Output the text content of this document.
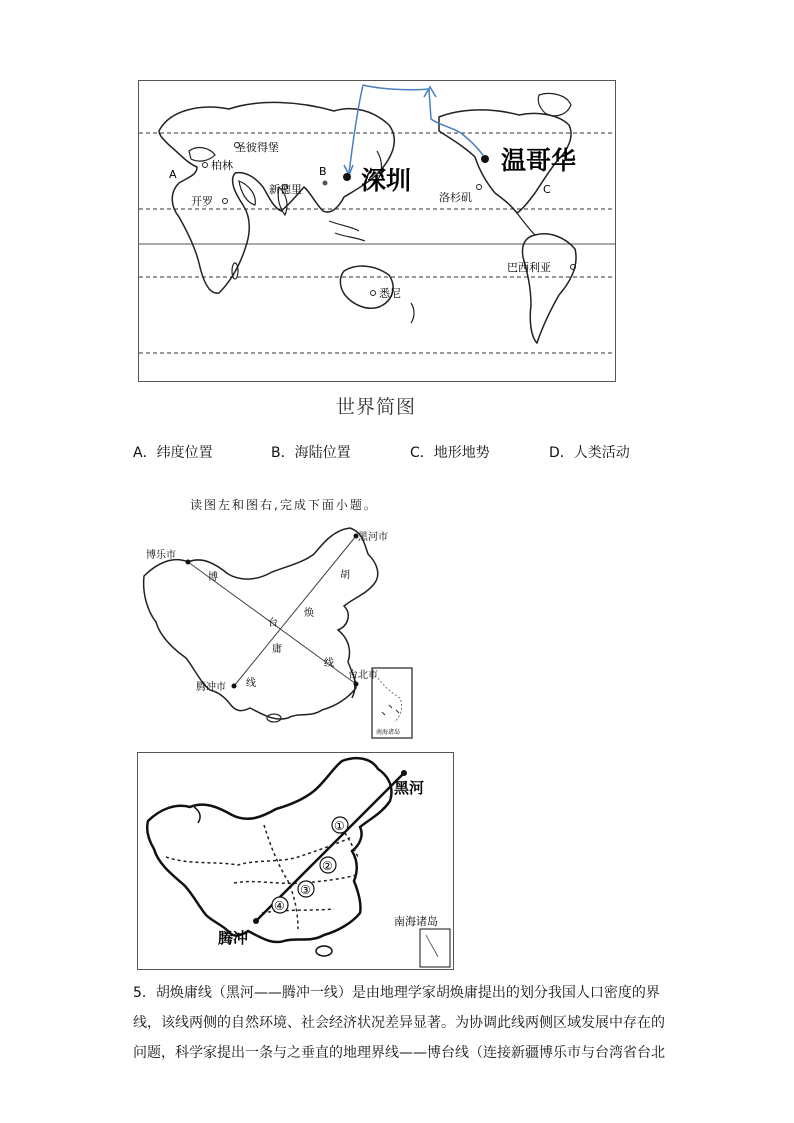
圣彼得堡
柏林
开罗
新德里 深圳
温哥华
洛杉矶
巴西利亚
悉尼
A	B
C
世界简图
A．纬度位置	B．海陆位置	C．地形地势	D．人类活动
读图左和图右,完成下面小题。
博乐市
黑河市
腾冲市
台北市
博
台
线
胡
焕
庸
线
南海诸岛
①
②
③
④
黑河
腾冲
南海诸岛

5．胡焕庸线（黑河——腾冲一线）是由地理学家胡焕庸提出的划分我国人口密度的界

线，该线两侧的自然环境、社会经济状况差异显著。为协调此线两侧区域发展中存在的

问题，科学家提出一条与之垂直的地理界线——博台线（连接新疆博乐市与台湾省台北
